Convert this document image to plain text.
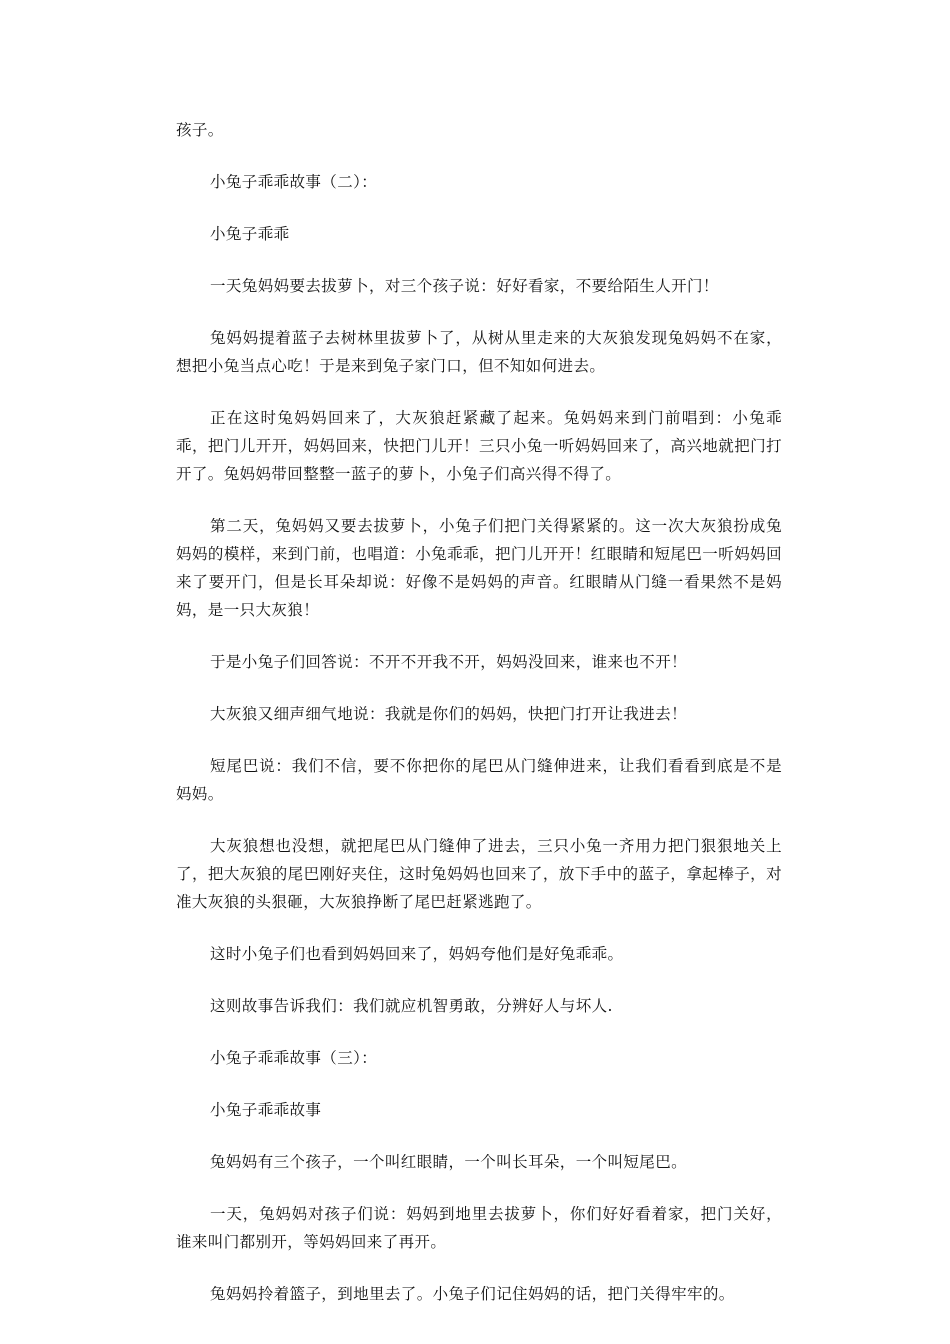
孩子。

小兔子乖乖故事（二）：

小兔子乖乖

一天兔妈妈要去拔萝卜，对三个孩子说：好好看家，不要给陌生人开门！

兔妈妈提着蓝子去树林里拔萝卜了，从树从里走来的大灰狼发现兔妈妈不在家，想把小兔当点心吃！于是来到兔子家门口，但不知如何进去。

正在这时兔妈妈回来了，大灰狼赶紧藏了起来。兔妈妈来到门前唱到：小兔乖乖，把门儿开开，妈妈回来，快把门儿开！三只小兔一听妈妈回来了，高兴地就把门打开了。兔妈妈带回整整一蓝子的萝卜，小兔子们高兴得不得了。

第二天，兔妈妈又要去拔萝卜，小兔子们把门关得紧紧的。这一次大灰狼扮成兔妈妈的模样，来到门前，也唱道：小兔乖乖，把门儿开开！红眼睛和短尾巴一听妈妈回来了要开门，但是长耳朵却说：好像不是妈妈的声音。红眼睛从门缝一看果然不是妈妈，是一只大灰狼！

于是小兔子们回答说：不开不开我不开，妈妈没回来，谁来也不开！

大灰狼又细声细气地说：我就是你们的妈妈，快把门打开让我进去！

短尾巴说：我们不信，要不你把你的尾巴从门缝伸进来，让我们看看到底是不是妈妈。

大灰狼想也没想，就把尾巴从门缝伸了进去，三只小兔一齐用力把门狠狠地关上了，把大灰狼的尾巴刚好夹住，这时兔妈妈也回来了，放下手中的蓝子，拿起棒子，对准大灰狼的头狠砸，大灰狼挣断了尾巴赶紧逃跑了。

这时小兔子们也看到妈妈回来了，妈妈夸他们是好兔乖乖。

这则故事告诉我们：我们就应机智勇敢，分辨好人与坏人.

小兔子乖乖故事（三）：

小兔子乖乖故事

兔妈妈有三个孩子，一个叫红眼睛，一个叫长耳朵，一个叫短尾巴。

一天，兔妈妈对孩子们说：妈妈到地里去拔萝卜，你们好好看着家，把门关好，谁来叫门都别开，等妈妈回来了再开。

兔妈妈拎着篮子，到地里去了。小兔子们记住妈妈的话，把门关得牢牢的。
